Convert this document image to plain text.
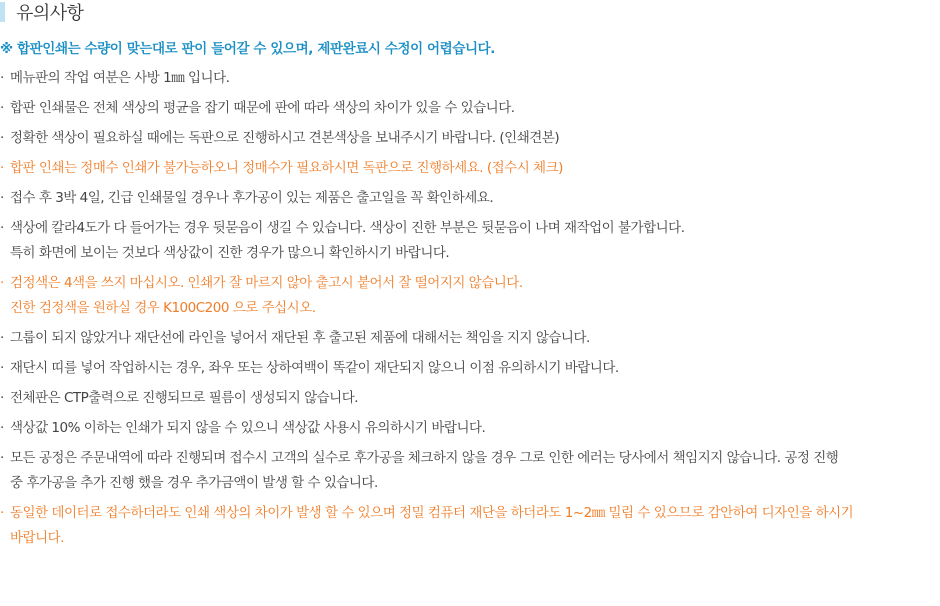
유의사항
※ 합판인쇄는 수량이 맞는대로 판이 들어갈 수 있으며, 제판완료시 수정이 어렵습니다.
· 메뉴판의 작업 여분은 사방 1㎜ 입니다.
· 합판 인쇄물은 전체 색상의 평균을 잡기 때문에 판에 따라 색상의 차이가 있을 수 있습니다.
· 정확한 색상이 필요하실 때에는 독판으로 진행하시고 견본색상을 보내주시기 바랍니다. (인쇄견본)
· 합판 인쇄는 정매수 인쇄가 불가능하오니 정매수가 필요하시면 독판으로 진행하세요. (접수시 체크)
· 접수 후 3박 4일, 긴급 인쇄물일 경우나 후가공이 있는 제품은 출고일을 꼭 확인하세요.
· 색상에 칼라4도가 다 들어가는 경우 뒷묻음이 생길 수 있습니다. 색상이 진한 부분은 뒷묻음이 나며 재작업이 불가합니다.
특히 화면에 보이는 것보다 색상값이 진한 경우가 많으니 확인하시기 바랍니다.
· 검정색은 4색을 쓰지 마십시오. 인쇄가 잘 마르지 않아 출고시 붙어서 잘 떨어지지 않습니다.
진한 검정색을 원하실 경우 K100C200 으로 주십시오.
· 그룹이 되지 않았거나 재단선에 라인을 넣어서 재단된 후 출고된 제품에 대해서는 책임을 지지 않습니다.
· 재단시 띠를 넣어 작업하시는 경우, 좌우 또는 상하여백이 똑같이 재단되지 않으니 이점 유의하시기 바랍니다.
· 전체판은 CTP출력으로 진행되므로 필름이 생성되지 않습니다.
· 색상값 10% 이하는 인쇄가 되지 않을 수 있으니 색상값 사용시 유의하시기 바랍니다.
· 모든 공정은 주문내역에 따라 진행되며 접수시 고객의 실수로 후가공을 체크하지 않을 경우 그로 인한 에러는 당사에서 책임지지 않습니다. 공정 진행
중 후가공을 추가 진행 했을 경우 추가금액이 발생 할 수 있습니다.
· 동일한 데이터로 접수하더라도 인쇄 색상의 차이가 발생 할 수 있으며 정밀 컴퓨터 재단을 하더라도 1~2㎜ 밀림 수 있으므로 감안하여 디자인을 하시기
바랍니다.
